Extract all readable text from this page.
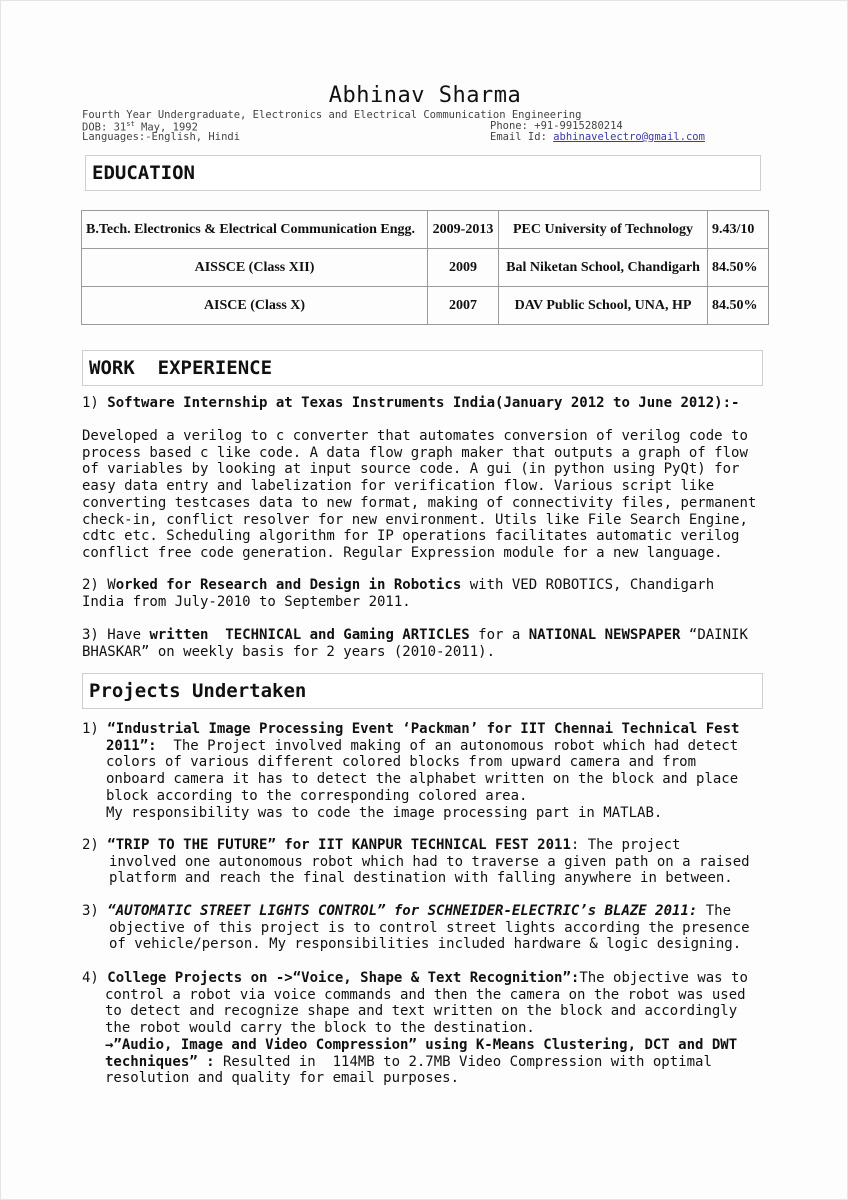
Abhinav Sharma
Fourth Year Undergraduate, Electronics and Electrical Communication Engineering
DOB: 31st May, 1992
Languages:-English, Hindi
Phone: +91-9915280214
Email Id: abhinavelectro@gmail.com
EDUCATION
B.Tech. Electronics & Electrical Communication Engg.	2009-2013	PEC University of Technology	9.43/10
AISSCE (Class XII)	2009	Bal Niketan School, Chandigarh	84.50%
AISCE (Class X)	2007	DAV Public School, UNA, HP	84.50%
WORK  EXPERIENCE
1) Software Internship at Texas Instruments India(January 2012 to June 2012):-
Developed a verilog to c converter that automates conversion of verilog code to
process based c like code. A data flow graph maker that outputs a graph of flow
of variables by looking at input source code. A gui (in python using PyQt) for
easy data entry and labelization for verification flow. Various script like
converting testcases data to new format, making of connectivity files, permanent
check-in, conflict resolver for new environment. Utils like File Search Engine,
cdtc etc. Scheduling algorithm for IP operations facilitates automatic verilog
conflict free code generation. Regular Expression module for a new language.
2) Worked for Research and Design in Robotics with VED ROBOTICS, Chandigarh
India from July-2010 to September 2011.
3) Have written  TECHNICAL and Gaming ARTICLES for a NATIONAL NEWSPAPER “DAINIK
BHASKAR” on weekly basis for 2 years (2010-2011).
Projects Undertaken
1) “Industrial Image Processing Event ‘Packman’ for IIT Chennai Technical Fest
2011”:  The Project involved making of an autonomous robot which had detect
colors of various different colored blocks from upward camera and from
onboard camera it has to detect the alphabet written on the block and place
block according to the corresponding colored area.
My responsibility was to code the image processing part in MATLAB.
2) “TRIP TO THE FUTURE” for IIT KANPUR TECHNICAL FEST 2011: The project
involved one autonomous robot which had to traverse a given path on a raised
platform and reach the final destination with falling anywhere in between.
3) “AUTOMATIC STREET LIGHTS CONTROL” for SCHNEIDER-ELECTRIC’s BLAZE 2011: The
objective of this project is to control street lights according the presence
of vehicle/person. My responsibilities included hardware & logic designing.
4) College Projects on ->“Voice, Shape & Text Recognition”:The objective was to
control a robot via voice commands and then the camera on the robot was used
to detect and recognize shape and text written on the block and accordingly
the robot would carry the block to the destination.
→”Audio, Image and Video Compression” using K-Means Clustering, DCT and DWT
techniques” : Resulted in  114MB to 2.7MB Video Compression with optimal
resolution and quality for email purposes.
